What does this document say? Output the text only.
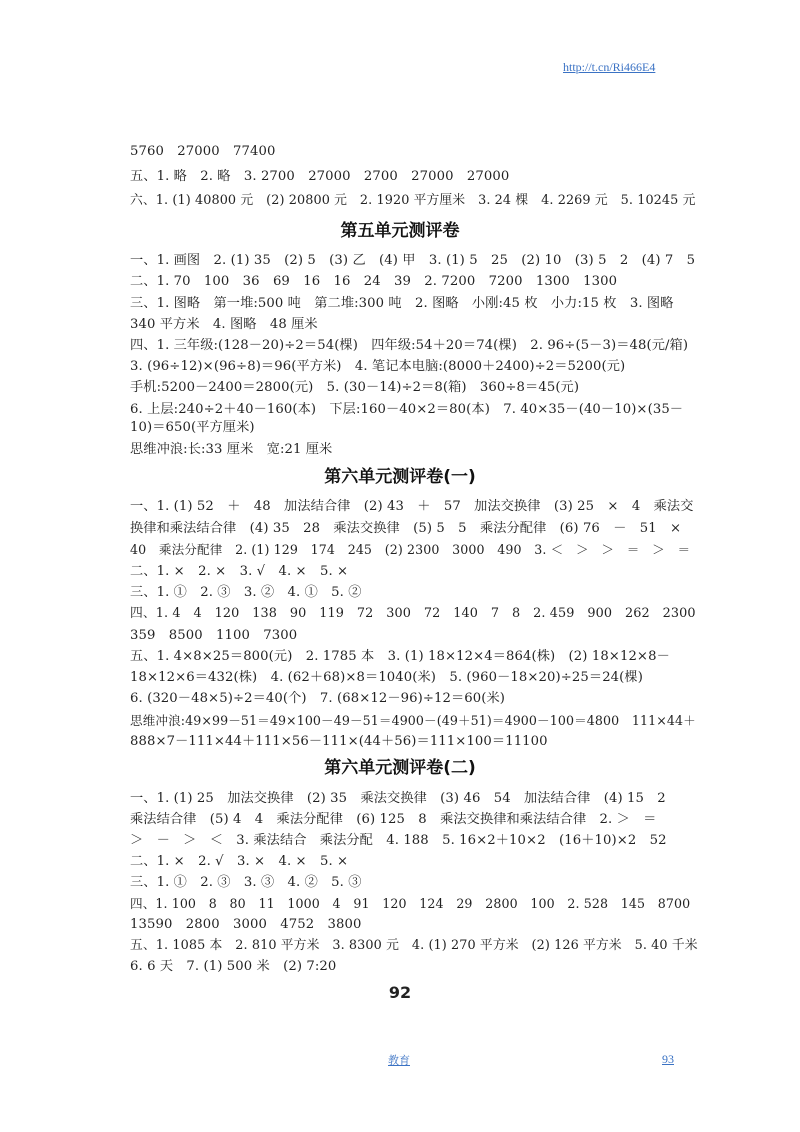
http://t.cn/Ri466E4
5760　27000　77400
五、1. 略　2. 略　3. 2700　27000　2700　27000　27000
六、1. (1) 40800 元　(2) 20800 元　2. 1920 平方厘米　3. 24 棵　4. 2269 元　5. 10245 元
第五单元测评卷
一、1. 画图　2. (1) 35　(2) 5　(3) 乙　(4) 甲　3. (1) 5　25　(2) 10　(3) 5　2　(4) 7　5
二、1. 70　100　36　69　16　16　24　39　2. 7200　7200　1300　1300
三、1. 图略　第一堆:500 吨　第二堆:300 吨　2. 图略　小刚:45 枚　小力:15 枚　3. 图略
340 平方米　4. 图略　48 厘米
四、1. 三年级:(128－20)÷2＝54(棵)　四年级:54＋20＝74(棵)　2. 96÷(5－3)＝48(元/箱)
3. (96÷12)×(96÷8)＝96(平方米)　4. 笔记本电脑:(8000＋2400)÷2＝5200(元)
手机:5200－2400＝2800(元)　5. (30－14)÷2＝8(箱)　360÷8＝45(元)
6. 上层:240÷2＋40－160(本)　下层:160－40×2＝80(本)　7. 40×35－(40－10)×(35－
10)＝650(平方厘米)
思维冲浪:长:33 厘米　宽:21 厘米
第六单元测评卷(一)
一、1. (1) 52　＋　48　加法结合律　(2) 43　＋　57　加法交换律　(3) 25　×　4　乘法交
换律和乘法结合律　(4) 35　28　乘法交换律　(5) 5　5　乘法分配律　(6) 76　－　51　×
40　乘法分配律　2. (1) 129　174　245　(2) 2300　3000　490　3. ＜　＞　＞　＝　＞　＝
二、1. ×　2. ×　3. √　4. ×　5. ×
三、1. ①　2. ③　3. ②　4. ①　5. ②
四、1. 4　4　120　138　90　119　72　300　72　140　7　8　2. 459　900　262　2300
359　8500　1100　7300
五、1. 4×8×25＝800(元)　2. 1785 本　3. (1) 18×12×4＝864(株)　(2) 18×12×8－
18×12×6＝432(株)　4. (62＋68)×8＝1040(米)　5. (960－18×20)÷25＝24(棵)
6. (320－48×5)÷2＝40(个)　7. (68×12－96)÷12＝60(米)
思维冲浪:49×99－51＝49×100－49－51＝4900－(49＋51)＝4900－100＝4800　111×44＋
888×7－111×44＋111×56－111×(44＋56)＝111×100＝11100
第六单元测评卷(二)
一、1. (1) 25　加法交换律　(2) 35　乘法交换律　(3) 46　54　加法结合律　(4) 15　2
乘法结合律　(5) 4　4　乘法分配律　(6) 125　8　乘法交换律和乘法结合律　2. ＞　＝
＞　－　＞　＜　3. 乘法结合　乘法分配　4. 188　5. 16×2＋10×2　(16＋10)×2　52
二、1. ×　2. √　3. ×　4. ×　5. ×
三、1. ①　2. ③　3. ③　4. ②　5. ③
四、1. 100　8　80　11　1000　4　91　120　124　29　2800　100　2. 528　145　8700
13590　2800　3000　4752　3800
五、1. 1085 本　2. 810 平方米　3. 8300 元　4. (1) 270 平方米　(2) 126 平方米　5. 40 千米
6. 6 天　7. (1) 500 米　(2) 7:20
92
教育	93
